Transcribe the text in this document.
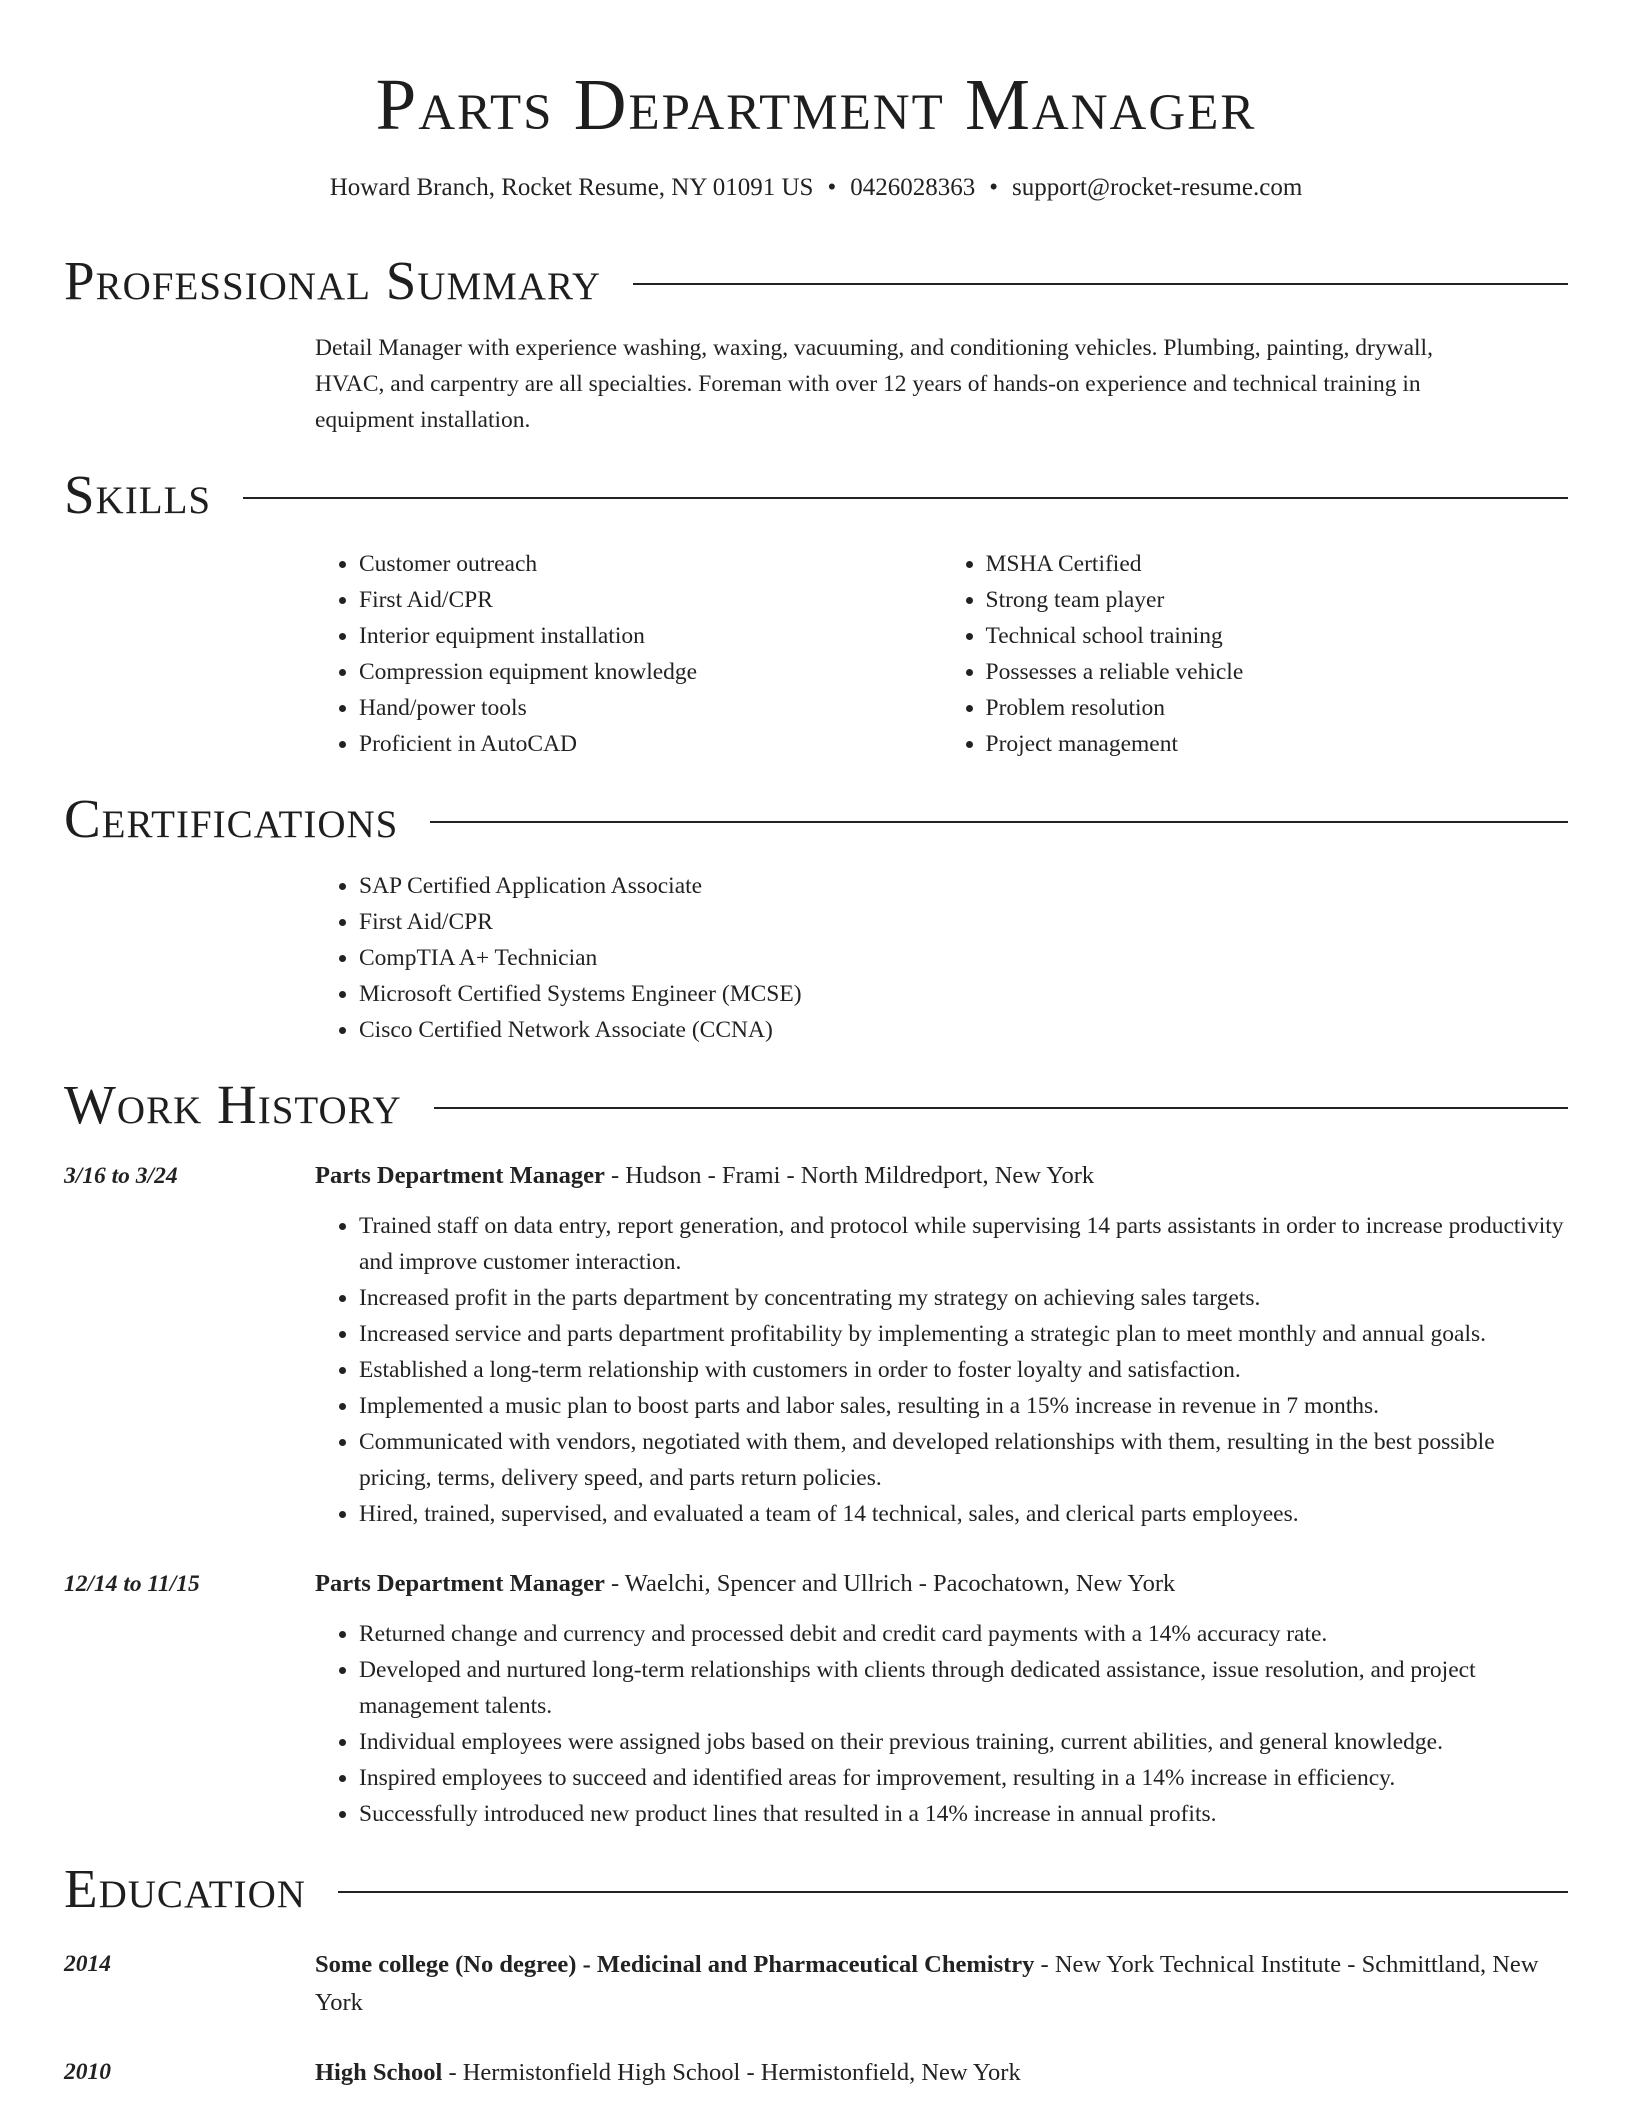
Parts Department Manager
Howard Branch, Rocket Resume, NY 01091 US • 0426028363 • support@rocket-resume.com
Professional Summary
Detail Manager with experience washing, waxing, vacuuming, and conditioning vehicles. Plumbing, painting, drywall, HVAC, and carpentry are all specialties. Foreman with over 12 years of hands-on experience and technical training in equipment installation.
Skills
• Customer outreach
• First Aid/CPR
• Interior equipment installation
• Compression equipment knowledge
• Hand/power tools
• Proficient in AutoCAD
• MSHA Certified
• Strong team player
• Technical school training
• Possesses a reliable vehicle
• Problem resolution
• Project management
Certifications
• SAP Certified Application Associate
• First Aid/CPR
• CompTIA A+ Technician
• Microsoft Certified Systems Engineer (MCSE)
• Cisco Certified Network Associate (CCNA)
Work History
3/16 to 3/24	Parts Department Manager - Hudson - Frami - North Mildredport, New York
• Trained staff on data entry, report generation, and protocol while supervising 14 parts assistants in order to increase productivity and improve customer interaction.
• Increased profit in the parts department by concentrating my strategy on achieving sales targets.
• Increased service and parts department profitability by implementing a strategic plan to meet monthly and annual goals.
• Established a long-term relationship with customers in order to foster loyalty and satisfaction.
• Implemented a music plan to boost parts and labor sales, resulting in a 15% increase in revenue in 7 months.
• Communicated with vendors, negotiated with them, and developed relationships with them, resulting in the best possible pricing, terms, delivery speed, and parts return policies.
• Hired, trained, supervised, and evaluated a team of 14 technical, sales, and clerical parts employees.
12/14 to 11/15	Parts Department Manager - Waelchi, Spencer and Ullrich - Pacochatown, New York
• Returned change and currency and processed debit and credit card payments with a 14% accuracy rate.
• Developed and nurtured long-term relationships with clients through dedicated assistance, issue resolution, and project management talents.
• Individual employees were assigned jobs based on their previous training, current abilities, and general knowledge.
• Inspired employees to succeed and identified areas for improvement, resulting in a 14% increase in efficiency.
• Successfully introduced new product lines that resulted in a 14% increase in annual profits.
Education
2014	Some college (No degree) - Medicinal and Pharmaceutical Chemistry - New York Technical Institute - Schmittland, New York
2010	High School - Hermistonfield High School - Hermistonfield, New York
